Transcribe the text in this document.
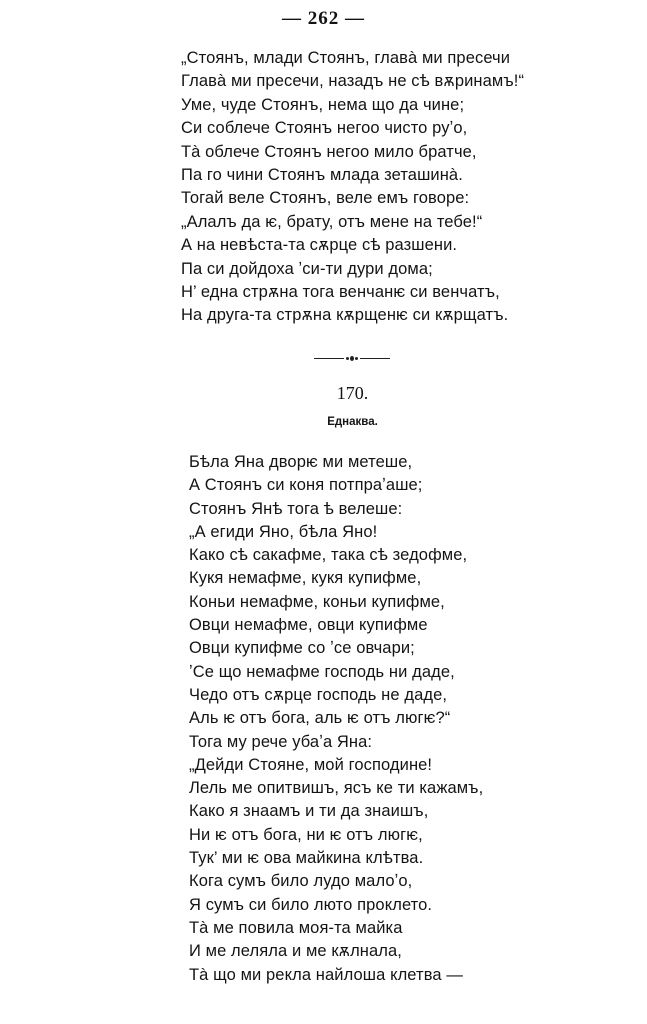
— 262 —
„Стоянъ, млади Стоянъ, главà ми пресечи
Главà ми пресечи, назадъ не сѣ вѫринамъ!“
Уме, чуде Стоянъ, нема що да чине;
Си соблече Стоянъ негоо чисто руʼо,
Тà облече Стоянъ негоо мило братче,
Па го чини Стоянъ млада зеташинà.
Тогай веле Стоянъ, веле емъ говоре:
„Алалъ да ѥ, брату, отъ мене на тебе!“
А на невѣста-та сѫрце сѣ разшени.
Па си дойдоха ʼси-ти дури дома;
Н’ една стрѫна тога венчанѥ си венчатъ,
На друга-та стрѫна кѫрщенѥ си кѫрщатъ.
170.
Еднаква.
Бѣла Яна дворѥ ми метеше,
А Стоянъ си коня потпраʼаше;
Стоянъ Янѣ тога ѣ велеше:
„А егиди Яно, бѣла Яно!
Како сѣ сакафме, така сѣ зедофме,
Кукя немафме, кукя купифме,
Коньи немафме, коньи купифме,
Овци немафме, овци купифме
Овци купифме со ʼсе овчари;
ʼСе що немафме господь ни даде,
Чедо отъ сѫрце господь не даде,
Аль ѥ отъ бога, аль ѥ отъ люгѥ?“
Тога му рече убаʼа Яна:
„Дейди Стояне, мой господине!
Лель ме опитвишъ, ясъ ке ти кажамъ,
Како я знаамъ и ти да знаишъ,
Ни ѥ отъ бога, ни ѥ отъ люгѥ,
Тук’ ми ѥ ова майкина клѣтва.
Кога сумъ било лудо малоʼо,
Я сумъ си било люто проклето.
Тà ме повила моя-та майка
И ме леляла и ме кѫлнала,
Тà що ми рекла найлоша клетва —
